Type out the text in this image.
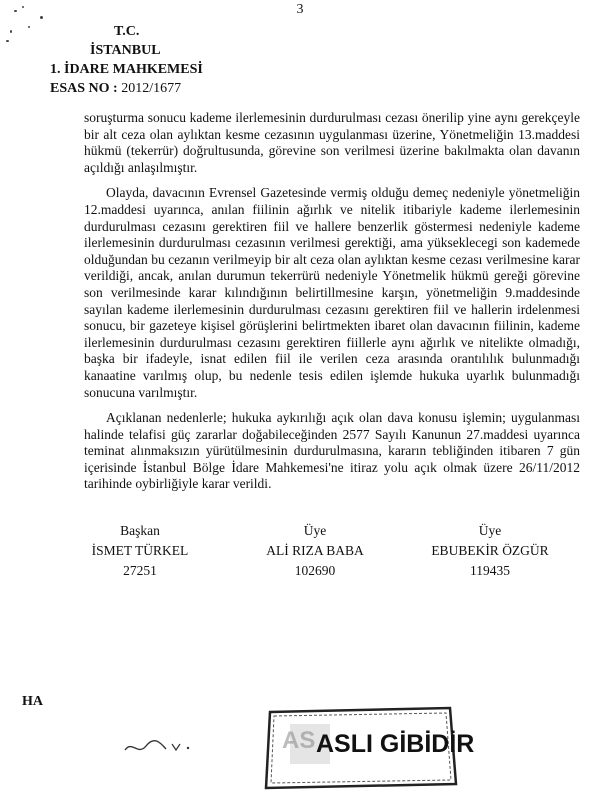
3
T.C.
İSTANBUL
1. İDARE MAHKEMESİ
ESAS NO : 2012/1677

soruşturma sonucu kademe ilerlemesinin durdurulması cezası önerilip yine aynı gerekçeyle bir alt ceza olan aylıktan kesme cezasının uygulanması üzerine, Yönetmeliğin 13.maddesi hükmü (tekerrür) doğrultusunda, görevine son verilmesi üzerine bakılmakta olan davanın açıldığı anlaşılmıştır.

Olayda, davacının Evrensel Gazetesinde vermiş olduğu demeç nedeniyle yönetmeliğin 12.maddesi uyarınca, anılan fiilinin ağırlık ve nitelik itibariyle kademe ilerlemesinin durdurulması cezasını gerektiren fiil ve hallere benzerlik göstermesi nedeniyle kademe ilerlemesinin durdurulması cezasının verilmesi gerektiği, ama yükseklecegi son kademede olduğundan bu cezanın verilmeyip bir alt ceza olan aylıktan kesme cezası verilmesine karar verildiği, ancak, anılan durumun tekerrürü nedeniyle Yönetmelik hükmü gereği görevine son verilmesinde karar kılındığının belirtillmesine karşın, yönetmeliğin 9.maddesinde sayılan kademe ilerlemesinin durdurulması cezasını gerektiren fiil ve hallerin irdelenmesi sonucu, bir gazeteye kişisel görüşlerini belirtmekten ibaret olan davacının fiilinin, kademe ilerlemesinin durdurulması cezasını gerektiren fiillerle aynı ağırlık ve nitelikte olmadığı, başka bir ifadeyle, isnat edilen fiil ile verilen ceza arasında orantılılık bulunmadığı kanaatine varılmış olup, bu nedenle tesis edilen işlemde hukuka uyarlık bulunmadığı sonucuna varılmıştır.

Açıklanan nedenlerle; hukuka aykırılığı açık olan dava konusu işlemin; uygulanması halinde telafisi güç zararlar doğabileceğinden 2577 Sayılı Kanunun 27.maddesi uyarınca teminat alınmaksızın yürütülmesinin durdurulmasına, kararın tebliğinden itibaren 7 gün içerisinde İstanbul Bölge İdare Mahkemesi'ne itiraz yolu açık olmak üzere 26/11/2012 tarihinde oybirliğiyle karar verildi.

Başkan
İSMET TÜRKEL
27251
Üye
ALİ RIZA BABA
102690
Üye
EBUBEKİR ÖZGÜR
119435
HA
AS ASLI GİBİDİR
